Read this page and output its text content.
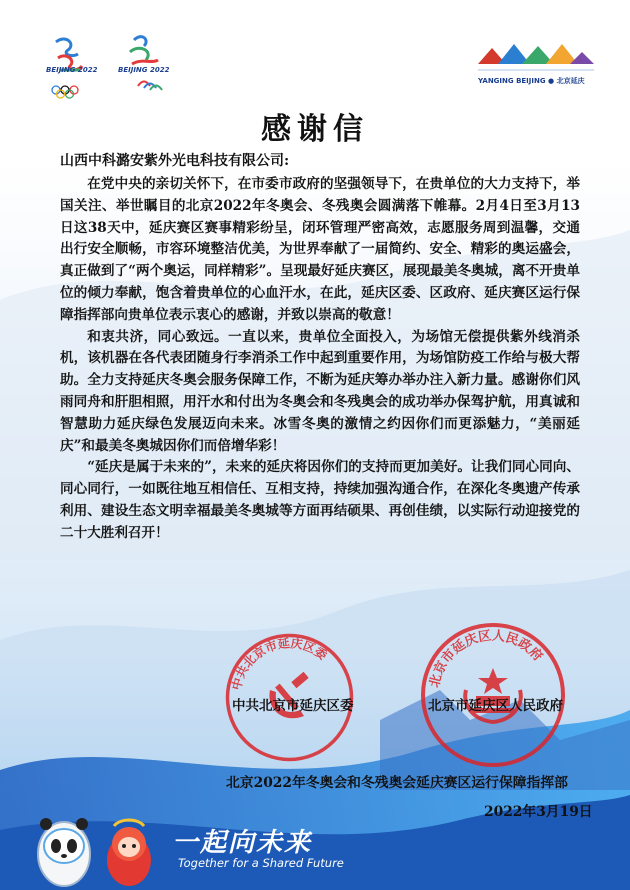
BEIJING 2022	BEIJING 2022
YANGING BEIJING ● 北京延庆
感谢信
山西中科潞安紫外光电科技有限公司:

在党中央的亲切关怀下，在市委市政府的坚强领导下，在贵单位的大力支持下，举国关注、举世瞩目的北京2022年冬奥会、冬残奥会圆满落下帷幕。2月4日至3月13日这38天中，延庆赛区赛事精彩纷呈，闭环管理严密高效，志愿服务周到温馨，交通出行安全顺畅，市容环境整洁优美，为世界奉献了一届简约、安全、精彩的奥运盛会，真正做到了“两个奥运，同样精彩”。呈现最好延庆赛区，展现最美冬奥城，离不开贵单位的倾力奉献，饱含着贵单位的心血汗水，在此，延庆区委、区政府、延庆赛区运行保障指挥部向贵单位表示衷心的感谢，并致以崇高的敬意！

和衷共济，同心致远。一直以来，贵单位全面投入，为场馆无偿提供紫外线消杀机，该机器在各代表团随身行李消杀工作中起到重要作用，为场馆防疫工作给与极大帮助。全力支持延庆冬奥会服务保障工作，不断为延庆筹办举办注入新力量。感谢你们风雨同舟和肝胆相照，用汗水和付出为冬奥会和冬残奥会的成功举办保驾护航，用真诚和智慧助力延庆绿色发展迈向未来。冰雪冬奥的激情之约因你们而更添魅力，“美丽延庆”和最美冬奥城因你们而倍增华彩！

“延庆是属于未来的”，未来的延庆将因你们的支持而更加美好。让我们同心同向、同心同行，一如既往地互相信任、互相支持，持续加强沟通合作，在深化冬奥遗产传承利用、建设生态文明幸福最美冬奥城等方面再结硕果、再创佳绩，以实际行动迎接党的二十大胜利召开！

中共北京市延庆区委
北京市延庆区人民政府
中共北京市延庆区委	北京市延庆区人民政府
北京2022年冬奥会和冬残奥会延庆赛区运行保障指挥部
2022年3月19日
一起向未来
Together for a Shared Future
